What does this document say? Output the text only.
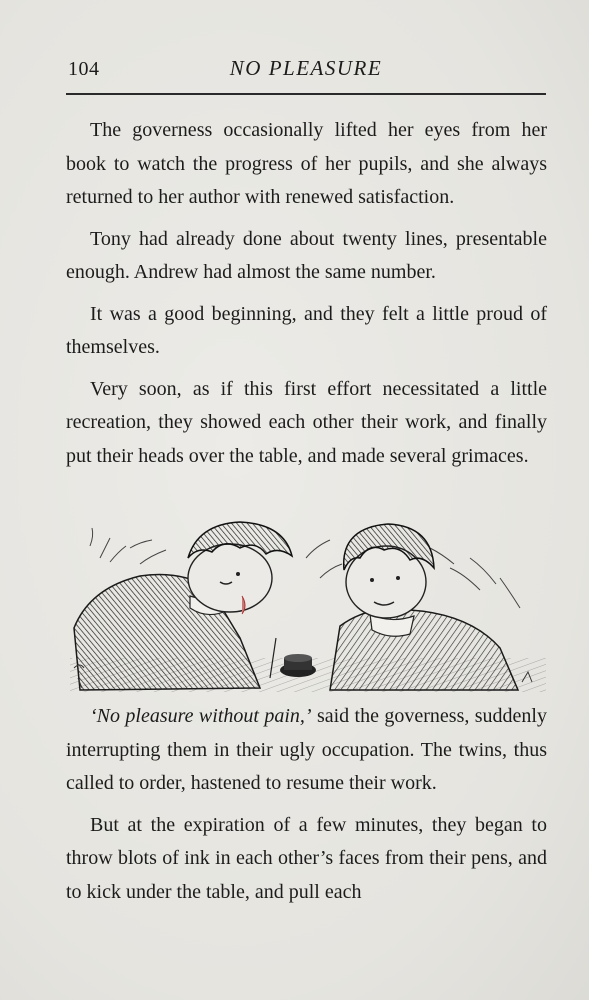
104	NO PLEASURE

The governess occasionally lifted her eyes from her book to watch the progress of her pupils, and she always returned to her author with renewed satisfaction.

Tony had already done about twenty lines, presentable enough. Andrew had almost the same number.

It was a good beginning, and they felt a little proud of themselves.

Very soon, as if this first effort necessitated a little recreation, they showed each other their work, and finally put their heads over the table, and made several grimaces.

‘No pleasure without pain,’ said the governess, suddenly interrupting them in their ugly occupation. The twins, thus called to order, hastened to resume their work.

But at the expiration of a few minutes, they began to throw blots of ink in each other’s faces from their pens, and to kick under the table, and pull each
